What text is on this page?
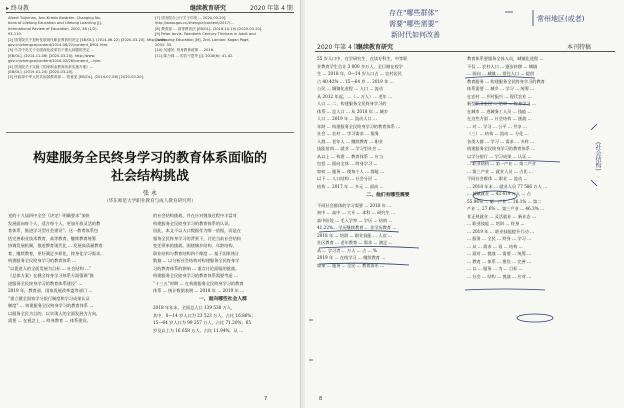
▸ 终身教	继续教育研究	2020 年第 4 期
Albert Tuijnman, Ann-Kristin Boström. Changing No-
tions of Lifelong Education and Lifelong Learning [J].
International Review of Education, 2002, 48 (1/2):
93-110.
[2] 国务院关于加快发展现代职业教育的决定 [EB/OL]. (2014-06-22) [2020-03-20]. http://www.
gov.cn/zhengce/content/2014-06/22/content_8901.htm.
[3] 中共中央关于全面深化改革若干重大问题的决定 ...
[EB/OL]. (2014-11-06) [2020-03-20]. http://www.
gov.cn/zhengce/content/2016-02/26/content_...htm.
[4] 国务院关于实施《国家职业教育改革实施方案》...
[EB/OL]. (2019-01-24) [2020-03-20].
[5] 民政部中华人民共和国教育部 ... 的意见 [EB/OL]. (2014-07-08) [2020-03-20].
[7] 国务院办公厅关于印发 ... 2020-03-20].
http://www.gov.cn/zhengce/content/2017/...
[8] 教育部 ... 高等教育法 [EB/OL]. (2016-10-19) [2020-03-20].
[9] Peter Jarvis. Twentieth Century Thinkers in Adult and
Continuing Education [M]. 2nd. London: Kogan Page,
2001: 33.
[10] 吴遵民. 终身教育政策 ... 2016.
[11] 陈乃林 ... 的若干思考 [J]. 2018(6): 41-42.
构建服务全民终身学习的教育体系面临的
社会结构挑战
张 永
（华东师范大学职业教育与成人教育研究所）
党的十九届四中全会《决定》明确要求“加快
发展面向每个人、适合每个人、更加开放灵活的教
育体系，推进学习型社会建设”。这一教育体系包
括完善职业技术教育、高等教育、继续教育统筹
协调发展机制，推进教育现代化 ... 发展高质量教育
育、继续教育，更好满足多样化、终身化学习需求。
构建服务全民终身学习的教育体系 ...
“以促进人的全面发展为目标 ... 社会结构 ...”
《总体方案》在健全终身学习体系方面强调“推
进服务全民终身学习的教育体系建设” ...
2019 年，教育部、国家发展改革委等部门 ...
“建立健全国家学分银行制度和学习成果认证
制度” ... 构建服务全民终身学习的教育体系 ...
以服务全民为目的，以实现人的全面发展为方向，
需要 ... 在观念上 ... 终身教育 ... 体系建设。
的社会结构挑战，并在应对挑战过程中丰富对
构建服务全民终身学习的教育体系的认识。
因此，本文不以人口数据作为唯一依据，而是在
服务全民终身学习的背景下，讨论当前社会结构
变迁带来的挑战。围绕城乡结构、年龄结构、
职业结构与教育结构四个维度 ... 基于国家统计
数据 ... 以分析社会结构对构建服务全民终身学
习的教育体系的影响 ... 重点讨论面临的挑战。
构建服务全民终身学习的教育体系需要考虑 ...
“十三五”时期 ... 在构建服务全民终身学习的教育
体系 ... 统计数据表明 ... 2018 年 ... 2019 年 ...
一、面向哪些社会人群
2018 年年末，全国总人口 139 538 万人，
其中，0—14 岁人口为 23 523 万人，占比 16.86%；
15—64 岁人口为 99 357 万人，占比 71.20%；65
岁及以上为 16 658 万人，占比 11.94%。从 ...
7
2020 年第 4 期
继续教育研究	本刊特稿
55 岁人口中，在学研究生、在读专科生、中等职
业教育学生合计 3 000 多万人，全日制在校学
生 ... 2018 年，0—14 岁人口占 ... 农村居民
占 40.42% ... 15—64 岁 ... 2019 年 ...
公民 ... 城镇化进程 ... 人口 ... 流动
从 2012 年起，...（... 万人）... 老年 ...
人口 ... 二、构建服务全民终身学习的
体系 ... 总人口 ... 从 2018 年 ... 城乡
人口 ... 2019 年 ... 流动人口 ...
年龄 ... 构建服务全民终身学习的教育体系 ...
社会 ... 农村 ... 学习需求 ... 服务
人群 ... 老年人 ... 继续教育 ... 职业
技能培训 ... 就业 ... 学习型社会 ...
从以上 ... 构建 ... 教育体系 ... 应当
包括 ... 面向全体 ... 终身学习 ...
如何 ... 服务 ... 使每个人 ... 都能 ...
以下 ... 人口结构 ... 社会分层 ...
结构 ... 2017 年 ... 多元 ... 面向 ...
二、他们有哪些需要
不同社会群体的学习需要 ... 2018 年 ...
初中 ... 高中 ... 大专 ... 本科 ... 研究生 ...
高中阶段 ... 毛入学率 ... 学历 ... 结构 ...
41.22%... 学历继续教育 ... 非学历教育 ...
2018 年 ... 培训 ... 职业技能 ... 人次 ...
社区教育 ... 老年教育 ... 需求 ... 满足 ...
从 ... 学习者 ... 万人 ... 占 ... %
2019 年 ... 在线学习 ... 继续教育 ...
如果 ... 服务 ... 全民 ... 教育体系 ...
教育体系要服务全体人员，城镇化进程 ...
不仅 ... 农村人口 ... 逐步转移 ... 城镇
... 面向 ... 城镇 ... 常住人口 ... 提供
教育服务 ... 构建服务全民终身学习的教育
体系需要 ... 城乡 ... 学习 ... 统筹 ...
在农村 ... 乡村振兴 ... 现代农业 ...
新型职业农民 ... 培训 ... 终身学习 ...
在城市 ... 进城务工人员 ... 技能 ...
在这些方面 ... 社会结构 ... 挑战 ...
... 对 ... 学习 ... 公平 ... 共享 ...
（三）... 结构 ... 流动 ... 分化 ...
各类人群 ... 学习 ... 需求 ... 多样 ...
构建服务全民终身学习的教育体系 ...
以学分银行 ... 学习成果 ... 认证 ...
... 职业结构 ... 第一产业 ... 第二产业
... 第三产业 ... 就业人员 ... 占比 ...
不同社会群体 ... 职业 ... 流动 ...
... 2018 年末 ... 就业人员 77 586 万人 ...
... 城镇就业 ... 43 419 万人 ... 占
55.96% ... 第一产业 ... 26.1% ... 第二
产业 ... 27.6% ... 第三产业 ... 46.3% ...
非正规就业 ... 灵活就业 ... 新业态 ...
... 职业技能 ... 培训 ... 终身 ...
... 2019 年 ... 职业技能提升行动 ...
... 服务 ... 全民 ... 终身 ... 学习 ...
... 从 ... 需求 ... 看 ... 结构 ...
... 面对 ... 挑战 ... 需要 ... 统筹 ...
... 教育 ... 体系 ... 建设 ... 完善 ...
... 以 ... 服务 ... 为 ... 目标 ...
... 社会 ... 结构 ... 挑战 ... 应对 ...
8
存在“哪些群体”
需要“哪些需要”
新时代如何改善
常州地区(或者)
(社会结构)
